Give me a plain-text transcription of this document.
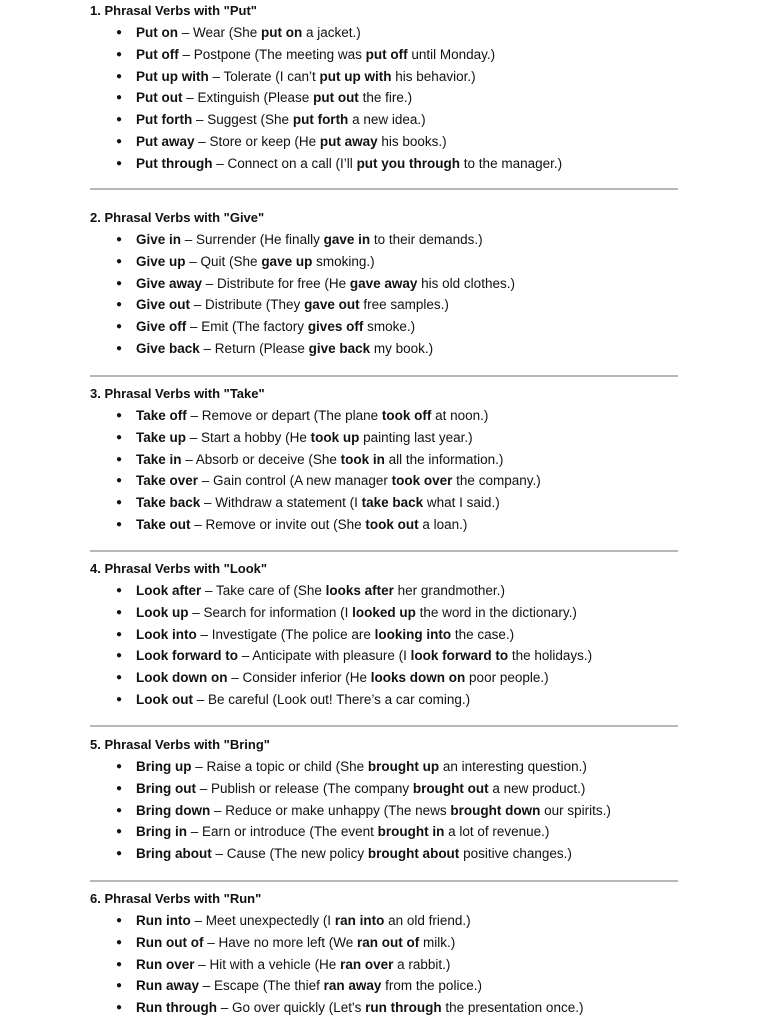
1. Phrasal Verbs with "Put"
● Put on – Wear (She put on a jacket.)
● Put off – Postpone (The meeting was put off until Monday.)
● Put up with – Tolerate (I can’t put up with his behavior.)
● Put out – Extinguish (Please put out the fire.)
● Put forth – Suggest (She put forth a new idea.)
● Put away – Store or keep (He put away his books.)
● Put through – Connect on a call (I’ll put you through to the manager.)
2. Phrasal Verbs with "Give"
● Give in – Surrender (He finally gave in to their demands.)
● Give up – Quit (She gave up smoking.)
● Give away – Distribute for free (He gave away his old clothes.)
● Give out – Distribute (They gave out free samples.)
● Give off – Emit (The factory gives off smoke.)
● Give back – Return (Please give back my book.)
3. Phrasal Verbs with "Take"
● Take off – Remove or depart (The plane took off at noon.)
● Take up – Start a hobby (He took up painting last year.)
● Take in – Absorb or deceive (She took in all the information.)
● Take over – Gain control (A new manager took over the company.)
● Take back – Withdraw a statement (I take back what I said.)
● Take out – Remove or invite out (She took out a loan.)
4. Phrasal Verbs with "Look"
● Look after – Take care of (She looks after her grandmother.)
● Look up – Search for information (I looked up the word in the dictionary.)
● Look into – Investigate (The police are looking into the case.)
● Look forward to – Anticipate with pleasure (I look forward to the holidays.)
● Look down on – Consider inferior (He looks down on poor people.)
● Look out – Be careful (Look out! There’s a car coming.)
5. Phrasal Verbs with "Bring"
● Bring up – Raise a topic or child (She brought up an interesting question.)
● Bring out – Publish or release (The company brought out a new product.)
● Bring down – Reduce or make unhappy (The news brought down our spirits.)
● Bring in – Earn or introduce (The event brought in a lot of revenue.)
● Bring about – Cause (The new policy brought about positive changes.)
6. Phrasal Verbs with "Run"
● Run into – Meet unexpectedly (I ran into an old friend.)
● Run out of – Have no more left (We ran out of milk.)
● Run over – Hit with a vehicle (He ran over a rabbit.)
● Run away – Escape (The thief ran away from the police.)
● Run through – Go over quickly (Let's run through the presentation once.)
